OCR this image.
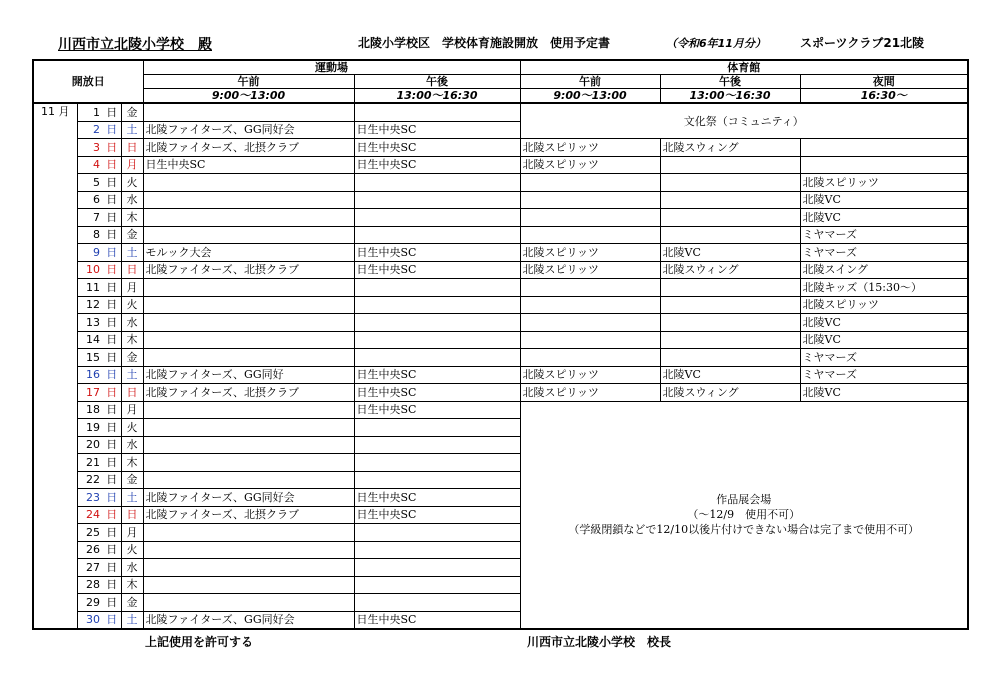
川西市立北陵小学校　殿	北陵小学校区　学校体育施設開放　使用予定書	（令和6年11月分）	スポーツクラブ21北陵
開放日				運動場		体育館		
				午前	午後	午前	午後	夜間
				9:00～13:00	13:00～16:30	9:00～13:00	13:00～16:30	16:30～
11 月	1	日	金			文化祭（コミュニティ）		
	2	日	土	北陵ファイターズ、GG同好会	日生中央SC			
	3	日	日	北陵ファイターズ、北摂クラブ	日生中央SC	北陵スピリッツ	北陵スウィング	
	4	日	月	日生中央SC	日生中央SC	北陵スピリッツ		
	5	日	火					北陵スピリッツ
	6	日	水					北陵VC
	7	日	木					北陵VC
	8	日	金					ミヤマーズ
	9	日	土	モルック大会	日生中央SC	北陵スピリッツ	北陵VC	ミヤマーズ
	10	日	日	北陵ファイターズ、北摂クラブ	日生中央SC	北陵スピリッツ	北陵スウィング	北陵スイング
	11	日	月					北陵キッズ（15:30～）
	12	日	火					北陵スピリッツ
	13	日	水					北陵VC
	14	日	木					北陵VC
	15	日	金					ミヤマーズ
	16	日	土	北陵ファイターズ、GG同好	日生中央SC	北陵スピリッツ	北陵VC	ミヤマーズ
	17	日	日	北陵ファイターズ、北摂クラブ	日生中央SC	北陵スピリッツ	北陵スウィング	北陵VC
	18	日	月		日生中央SC	作品展会場
（～12/9　使用不可）
（学級閉鎖などで12/10以後片付けできない場合は完了まで使用不可）		

	19	日	火					
	20	日	水					
	21	日	木					
	22	日	金					
	23	日	土	北陵ファイターズ、GG同好会	日生中央SC			
	24	日	日	北陵ファイターズ、北摂クラブ	日生中央SC			
	25	日	月					
	26	日	火					
	27	日	水					
	28	日	木					
	29	日	金					
	30	日	土	北陵ファイターズ、GG同好会	日生中央SC			
上記使用を許可する	川西市立北陵小学校　校長
